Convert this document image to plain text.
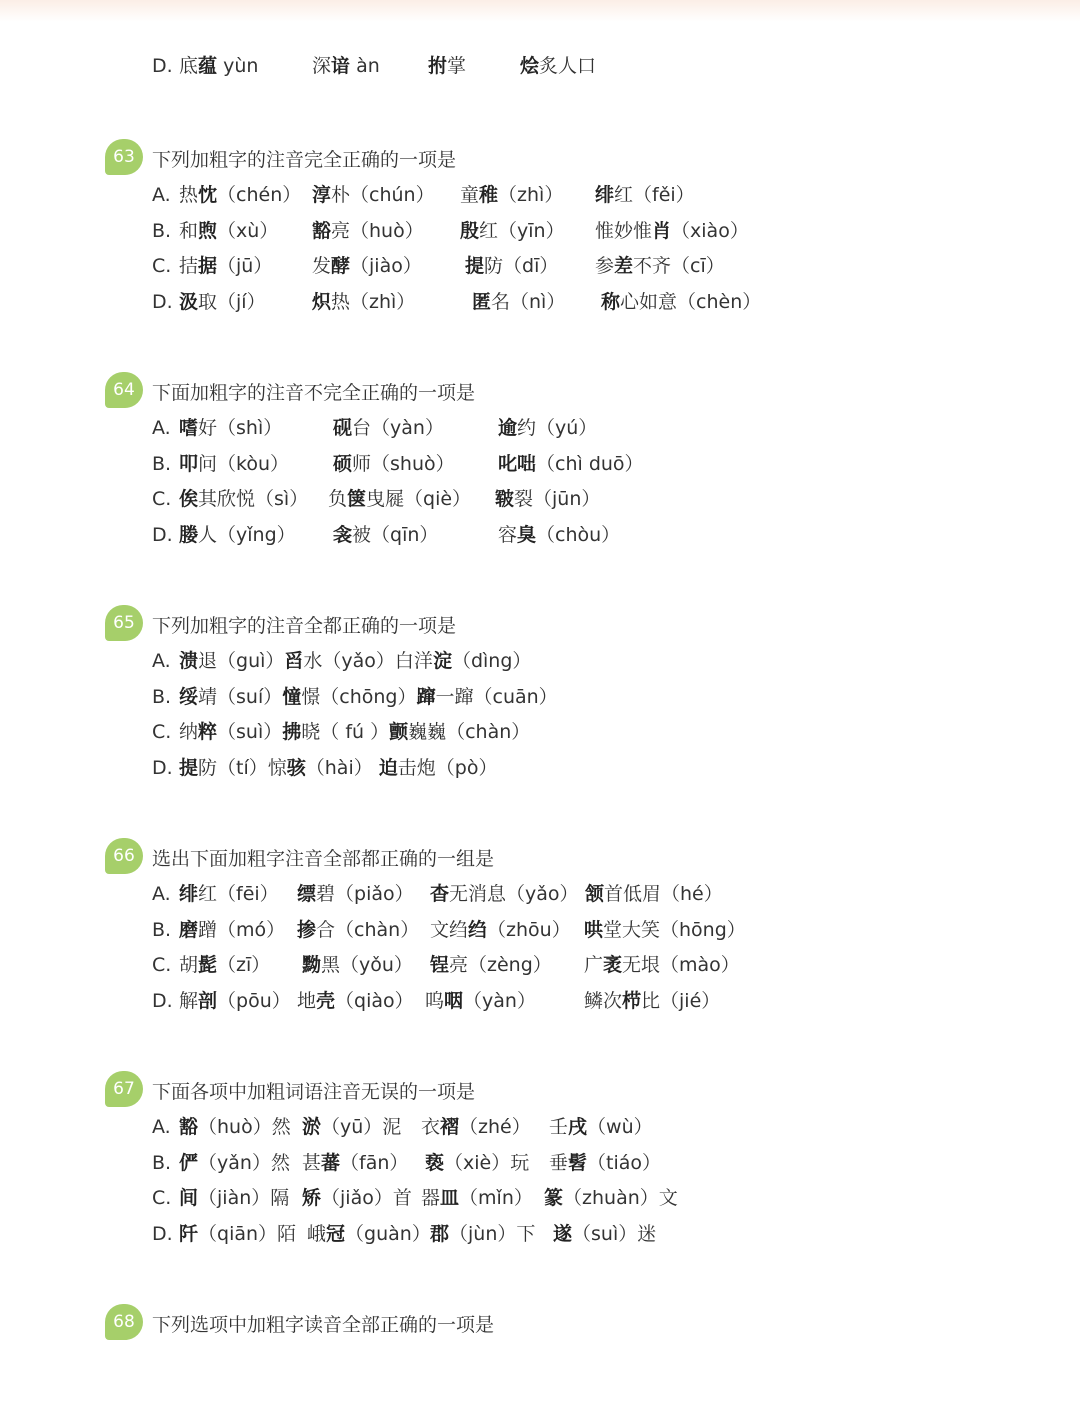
D. 底蕴 yùn	深谙 àn	拊掌	烩炙人口
63 下列加粗字的注音完全正确的一项是
A. 热忱（chén） 淳朴（chún） 童稚（zhì） 绯红（fěi）
B. 和煦（xù） 豁亮（huò） 殷红（yīn） 惟妙惟肖（xiào）
C. 拮据（jū） 发酵（jiào） 提防（dī） 参差不齐（cī）
D. 汲取（jí） 炽热（zhì）	匿名（nì） 称心如意（chèn）
64 下面加粗字的注音不完全正确的一项是
A. 嗜好（shì）	砚台（yàn）	逾约（yú）
B. 叩问（kòu） 硕师（shuò） 叱咄（chì duō）
C. 俟其欣悦（sì） 负箧曳屣（qiè） 皲裂（jūn）
D. 媵人（yǐng） 衾被（qīn）	容臭（chòu）
65 下列加粗字的注音全都正确的一项是
A. 溃退（guì）舀水（yǎo）白洋淀（dìng）
B. 绥靖（suí）憧憬（chōng）蹿一蹿（cuān）
C. 纳粹（suì）拂晓（ fú ）颤巍巍（chàn）
D. 提防（tí）惊骇（hài） 迫击炮（pò）
66 选出下面加粗字注音全部都正确的一组是
A. 绯红（fēi） 缥碧（piǎo） 杳无消息（yǎo） 颔首低眉（hé）
B. 磨蹭（mó） 掺合（chàn） 文绉绉（zhōu） 哄堂大笑（hōng）
C. 胡髭（zī） 黝黑（yǒu） 锃亮（zèng） 广袤无垠（mào）
D. 解剖（pōu） 地壳（qiào） 呜咽（yàn）	鳞次栉比（jié）
67 下面各项中加粗词语注音无误的一项是
A. 豁（huò）然 淤（yū）泥 衣褶（zhé） 壬戌（wù）
B. 俨（yǎn）然 甚蕃（fān） 亵（xiè）玩 垂髫（tiáo）
C. 间（jiàn）隔 矫（jiǎo）首 器皿（mǐn） 篆（zhuàn）文
D. 阡（qiān）陌 峨冠（guàn） 郡（jùn）下 遂（suì）迷
68 下列选项中加粗字读音全部正确的一项是
